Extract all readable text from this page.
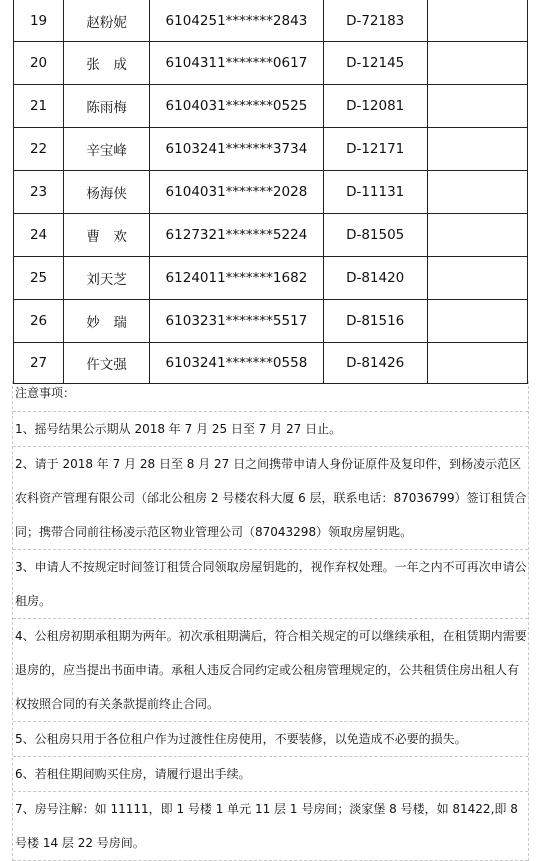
19	赵粉妮	6104251*******2843	D-72183	
20	张　成	6104311*******0617	D-12145	
21	陈雨梅	6104031*******0525	D-12081	
22	辛宝峰	6103241*******3734	D-12171	
23	杨海侠	6104031*******2028	D-11131	
24	曹　欢	6127321*******5224	D-81505	
25	刘天芝	6124011*******1682	D-81420	
26	妙　瑞	6103231*******5517	D-81516	
27	仵文强	6103241*******0558	D-81426	
注意事项：
1、摇号结果公示期从 2018 年 7 月 25 日至 7 月 27 日止。
2、请于 2018 年 7 月 28 日至 8 月 27 日之间携带申请人身份证原件及复印件，到杨凌示范区农科资产管理有限公司（邰北公租房 2 号楼农科大厦 6 层，联系电话：87036799）签订租赁合同；携带合同前往杨凌示范区物业管理公司（87043298）领取房屋钥匙。
3、申请人不按规定时间签订租赁合同领取房屋钥匙的，视作弃权处理。一年之内不可再次申请公租房。
4、公租房初期承租期为两年。初次承租期满后，符合相关规定的可以继续承租，在租赁期内需要退房的，应当提出书面申请。承租人违反合同约定或公租房管理规定的，公共租赁住房出租人有权按照合同的有关条款提前终止合同。
5、公租房只用于各位租户作为过渡性住房使用，不要装修，以免造成不必要的损失。
6、若租住期间购买住房，请履行退出手续。
7、房号注解：如 11111，即 1 号楼 1 单元 11 层 1 号房间；淡家堡 8 号楼，如 81422,即 8 号楼 14 层 22 号房间。
